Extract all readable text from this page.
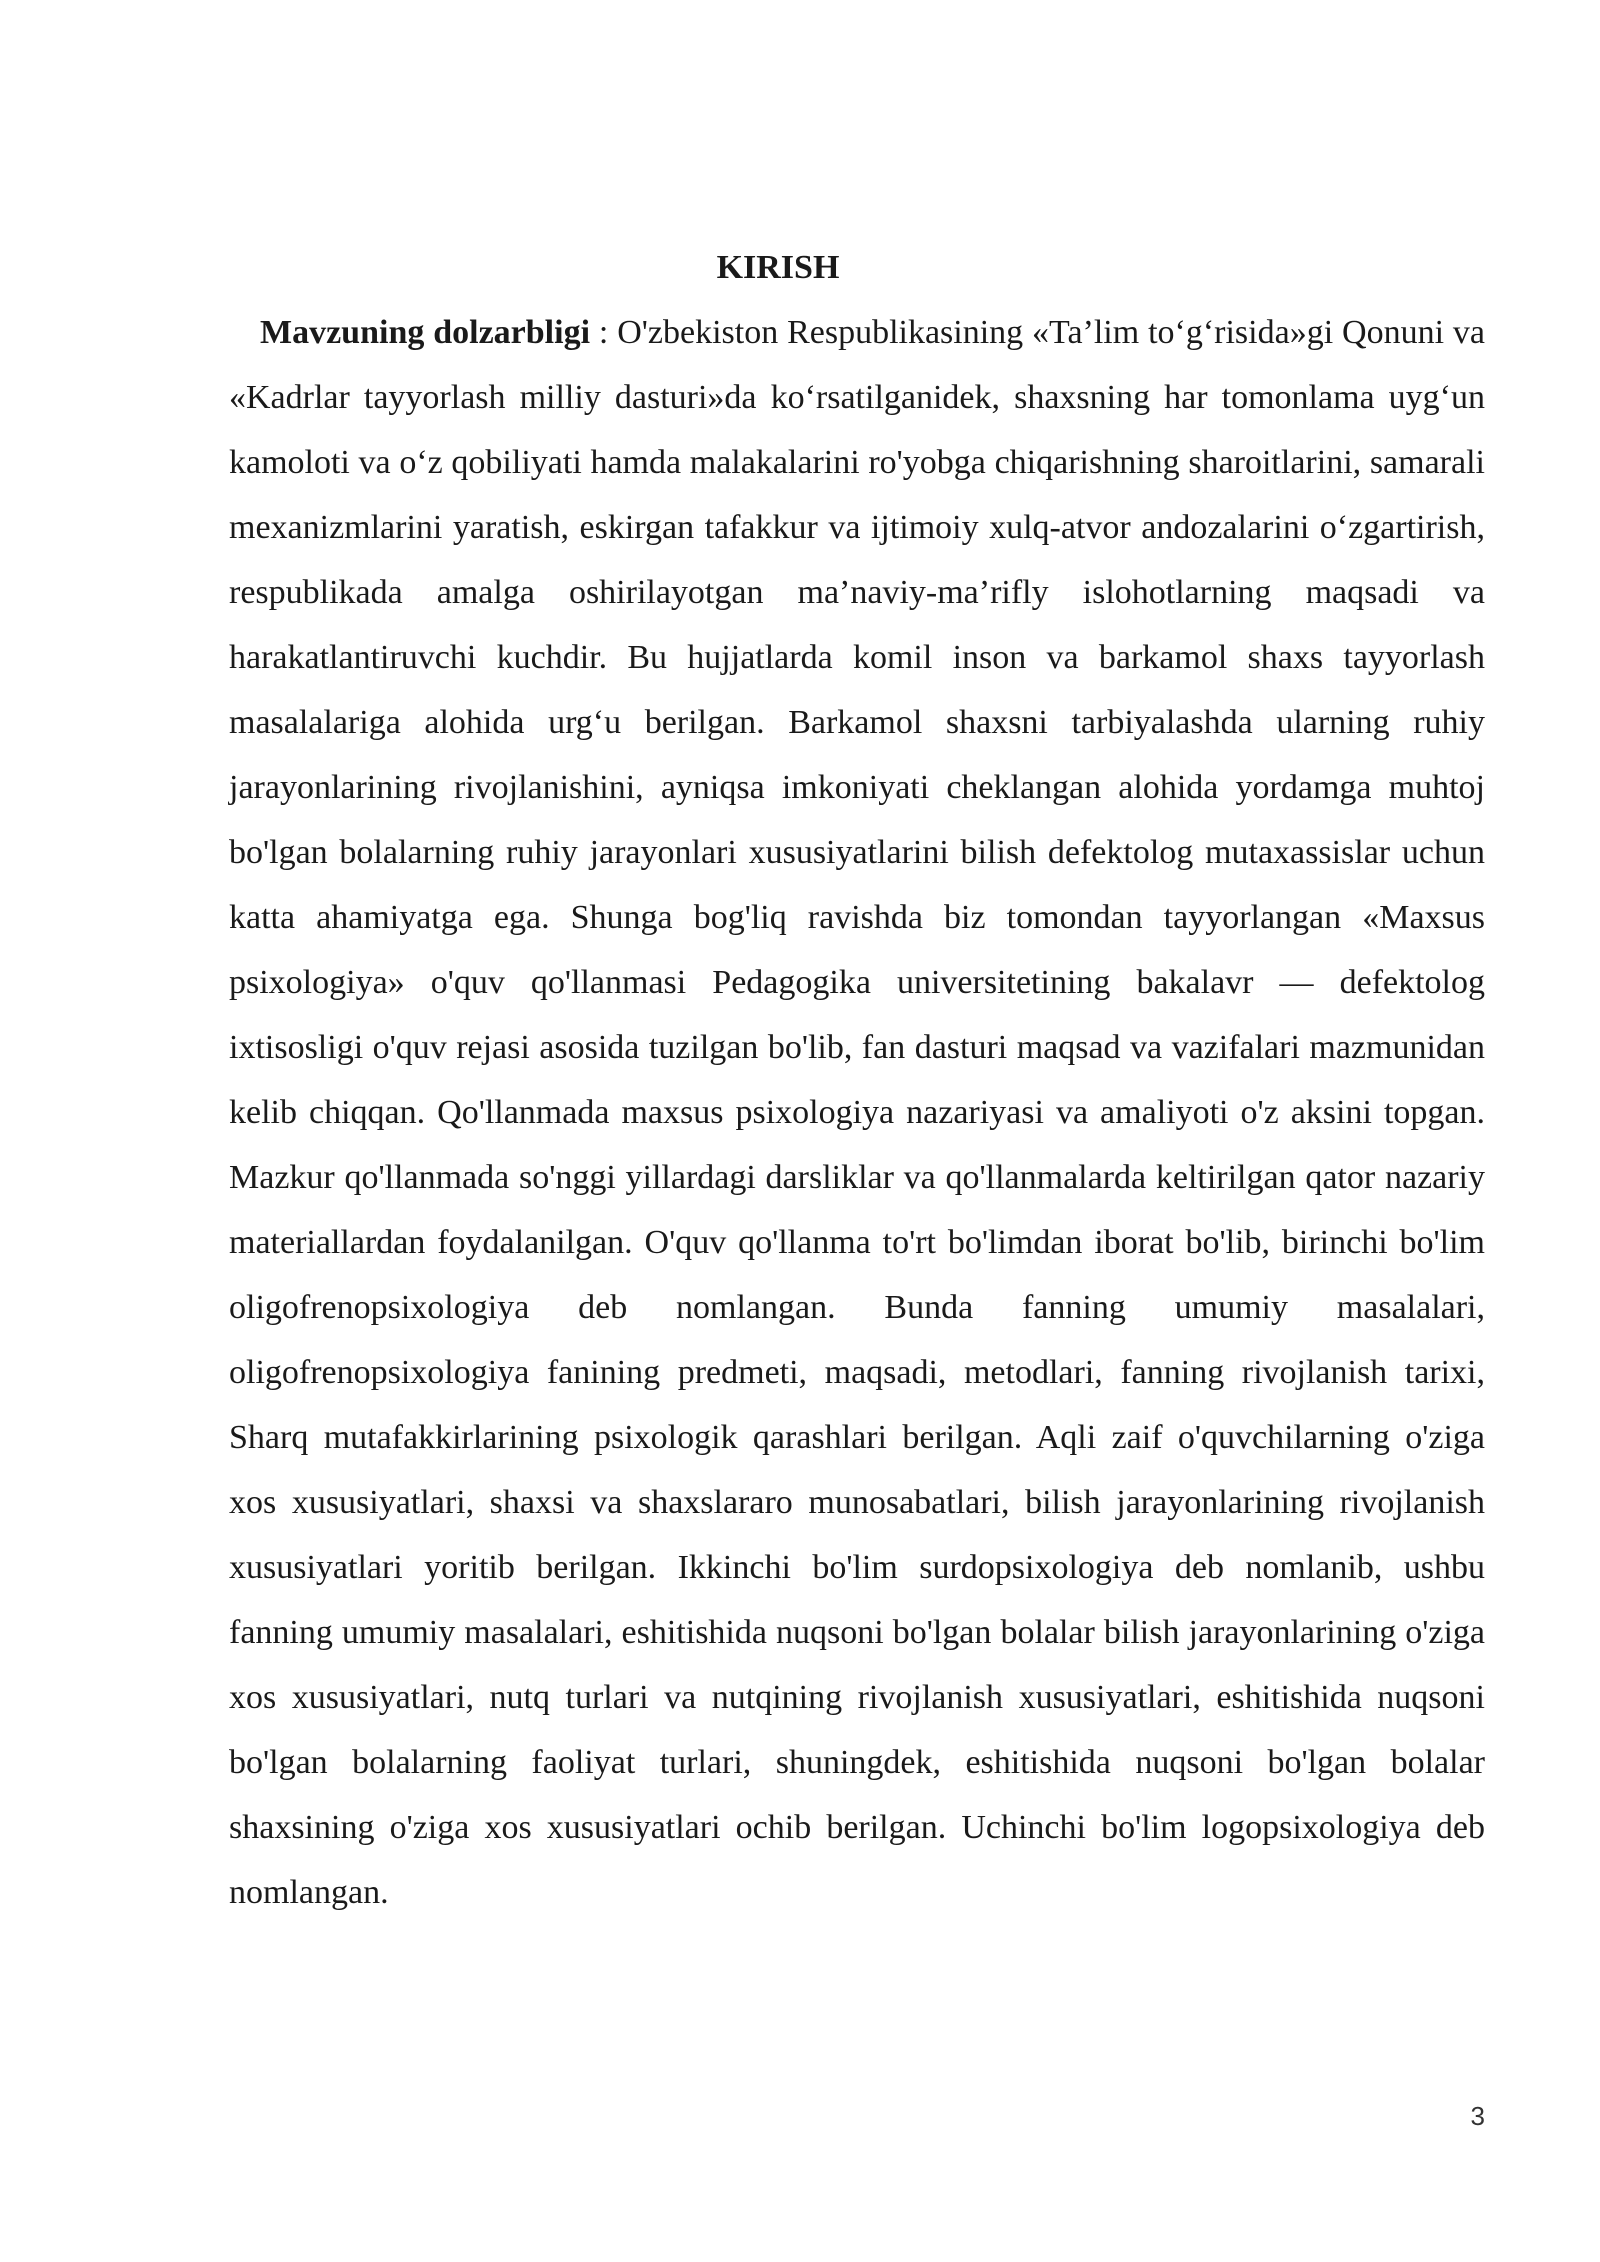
KIRISH

Mavzuning dolzarbligi : O'zbekiston Respublikasining «Ta’lim to‘g‘risida»gi Qonuni va «Kadrlar tayyorlash milliy dasturi»da ko‘rsatilganidek, shaxsning har tomonlama uyg‘un kamoloti va o‘z qobiliyati hamda malakalarini ro'yobga chiqarishning sharoitlarini, samarali mexanizmlarini yaratish, eskirgan tafakkur va ijtimoiy xulq-atvor andozalarini o‘zgartirish, respublikada amalga oshirilayotgan ma’naviy-ma’rifly islohotlarning maqsadi va harakatlantiruvchi kuchdir. Bu hujjatlarda komil inson va barkamol shaxs tayyorlash masalalariga alohida urg‘u berilgan. Barkamol shaxsni tarbiyalashda ularning ruhiy jarayonlarining rivojlanishini, ayniqsa imkoniyati cheklangan alohida yordamga muhtoj bo'lgan bolalarning ruhiy jarayonlari xususiyatlarini bilish defektolog mutaxassislar uchun katta ahamiyatga ega. Shunga bog'liq ravishda biz tomondan tayyorlangan «Maxsus psixologiya» o'quv qo'llanmasi Pedagogika universitetining bakalavr — defektolog ixtisosligi o'quv rejasi asosida tuzilgan bo'lib, fan dasturi maqsad va vazifalari mazmunidan kelib chiqqan. Qo'llanmada maxsus psixologiya nazariyasi va amaliyoti o'z aksini topgan. Mazkur qo'llanmada so'nggi yillardagi darsliklar va qo'llanmalarda keltirilgan qator nazariy materiallardan foydalanilgan. O'quv qo'llanma to'rt bo'limdan iborat bo'lib, birinchi bo'lim oligofrenopsixologiya deb nomlangan. Bunda fanning umumiy masalalari, oligofrenopsixologiya fanining predmeti, maqsadi, metodlari, fanning rivojlanish tarixi, Sharq mutafakkirlarining psixologik qarashlari berilgan. Aqli zaif o'quvchilarning o'ziga xos xususiyatlari, shaxsi va shaxslararo munosabatlari, bilish jarayonlarining rivojlanish xususiyatlari yoritib berilgan. Ikkinchi bo'lim surdopsixologiya deb nomlanib, ushbu fanning umumiy masalalari, eshitishida nuqsoni bo'lgan bolalar bilish jarayonlarining o'ziga xos xususiyatlari, nutq turlari va nutqining rivojlanish xususiyatlari, eshitishida nuqsoni bo'lgan bolalarning faoliyat turlari, shuningdek, eshitishida nuqsoni bo'lgan bolalar shaxsining o'ziga xos xususiyatlari ochib berilgan. Uchinchi bo'lim logopsixologiya deb nomlangan.

3
